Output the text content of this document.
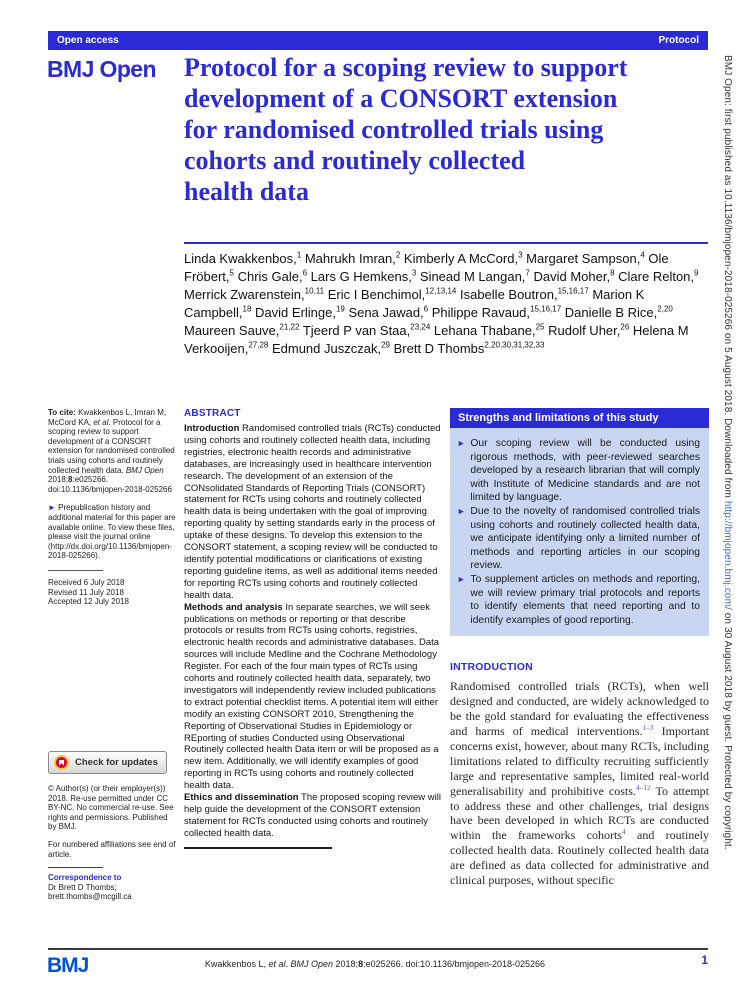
BMJ Open: first published as 10.1136/bmjopen-2018-025266 on 5 August 2018. Downloaded from http://bmjopen.bmj.com/ on 30 August 2018 by guest. Protected by copyright.
Open access	Protocol
BMJ Open Protocol for a scoping review to support
development of a CONSORT extension
for randomised controlled trials using
cohorts and routinely collected
health data
Linda Kwakkenbos,$^1$ Mahrukh Imran,$^2$ Kimberly A McCord,$^3$ Margaret Sampson,$^4$ Ole Fröbert,$^5$ Chris Gale,$^6$ Lars G Hemkens,$^3$ Sinead M Langan,$^7$ David Moher,$^8$ Clare Relton,$^9$ Merrick Zwarenstein,$^{10,11}$ Eric I Benchimol,$^{12,13,14}$ Isabelle Boutron,$^{15,16,17}$ Marion K Campbell,$^{18}$ David Erlinge,$^{19}$ Sena Jawad,$^6$ Philippe Ravaud,$^{15,16,17}$ Danielle B Rice,$^{2,20}$ Maureen Sauve,$^{21,22}$ Tjeerd P van Staa,$^{23,24}$ Lehana Thabane,$^{25}$ Rudolf Uher,$^{26}$ Helena M Verkooijen,$^{27,28}$ Edmund Juszczak,$^{29}$ Brett D Thombs$^{2,20,30,31,32,33}$

To cite: Kwakkenbos L, Imran M, McCord KA, et al. Protocol for a scoping review to support development of a CONSORT extension for randomised controlled trials using cohorts and routinely collected health data. BMJ Open 2018;8:e025266. doi:10.1136/bmjopen-2018-025266

► Prepublication history and additional material for this paper are available online. To view these files, please visit the journal online (http://dx.doi.org/10.1136/bmjopen-2018-025266).

Received 6 July 2018
Revised 11 July 2018
Accepted 12 July 2018
Check for updates

© Author(s) (or their employer(s)) 2018. Re-use permitted under CC BY-NC. No commercial re-use. See rights and permissions. Published by BMJ.

For numbered affiliations see end of article.

Correspondence to
Dr Brett D Thombs;
brett.thombs@mcgill.ca
ABSTRACT

Introduction Randomised controlled trials (RCTs) conducted using cohorts and routinely collected health data, including registries, electronic health records and administrative databases, are increasingly used in healthcare intervention research. The development of an extension of the CONsolidated Standards of Reporting Trials (CONSORT) statement for RCTs using cohorts and routinely collected health data is being undertaken with the goal of improving reporting quality by setting standards early in the process of uptake of these designs. To develop this extension to the CONSORT statement, a scoping review will be conducted to identify potential modifications or clarifications of existing reporting guideline items, as well as additional items needed for reporting RCTs using cohorts and routinely collected health data.

Methods and analysis In separate searches, we will seek publications on methods or reporting or that describe protocols or results from RCTs using cohorts, registries, electronic health records and administrative databases. Data sources will include Medline and the Cochrane Methodology Register. For each of the four main types of RCTs using cohorts and routinely collected health data, separately, two investigators will independently review included publications to extract potential checklist items. A potential item will either modify an existing CONSORT 2010, Strengthening the Reporting of Observational Studies in Epidemiology or REporting of studies Conducted using Observational Routinely collected health Data item or will be proposed as a new item. Additionally, we will identify examples of good reporting in RCTs using cohorts and routinely collected health data.

Ethics and dissemination The proposed scoping review will help guide the development of the CONSORT extension statement for RCTs conducted using cohorts and routinely collected health data.

Strengths and limitations of this study
► Our scoping review will be conducted using rigorous methods, with peer-reviewed searches developed by a research librarian that will comply with Institute of Medicine standards and are not limited by language.
► Due to the novelty of randomised controlled trials using cohorts and routinely collected health data, we anticipate identifying only a limited number of methods and reporting articles in our scoping review.
► To supplement articles on methods and reporting, we will review primary trial protocols and reports to identify elements that need reporting and to identify examples of good reporting.
INTRODUCTION

Randomised controlled trials (RCTs), when well designed and conducted, are widely acknowledged to be the gold standard for evaluating the effectiveness and harms of medical interventions.$^{1-3}$ Important concerns exist, however, about many RCTs, including limitations related to difficulty recruiting sufficiently large and representative samples, limited real-world generalisability and prohibitive costs.$^{4-12}$ To attempt to address these and other challenges, trial designs have been developed in which RCTs are conducted within the frameworks cohorts$^4$ and routinely collected health data. Routinely collected health data are defined as data collected for administrative and clinical purposes, without specific

BMJ	Kwakkenbos L, et al. BMJ Open 2018;8:e025266. doi:10.1136/bmjopen-2018-025266	1
